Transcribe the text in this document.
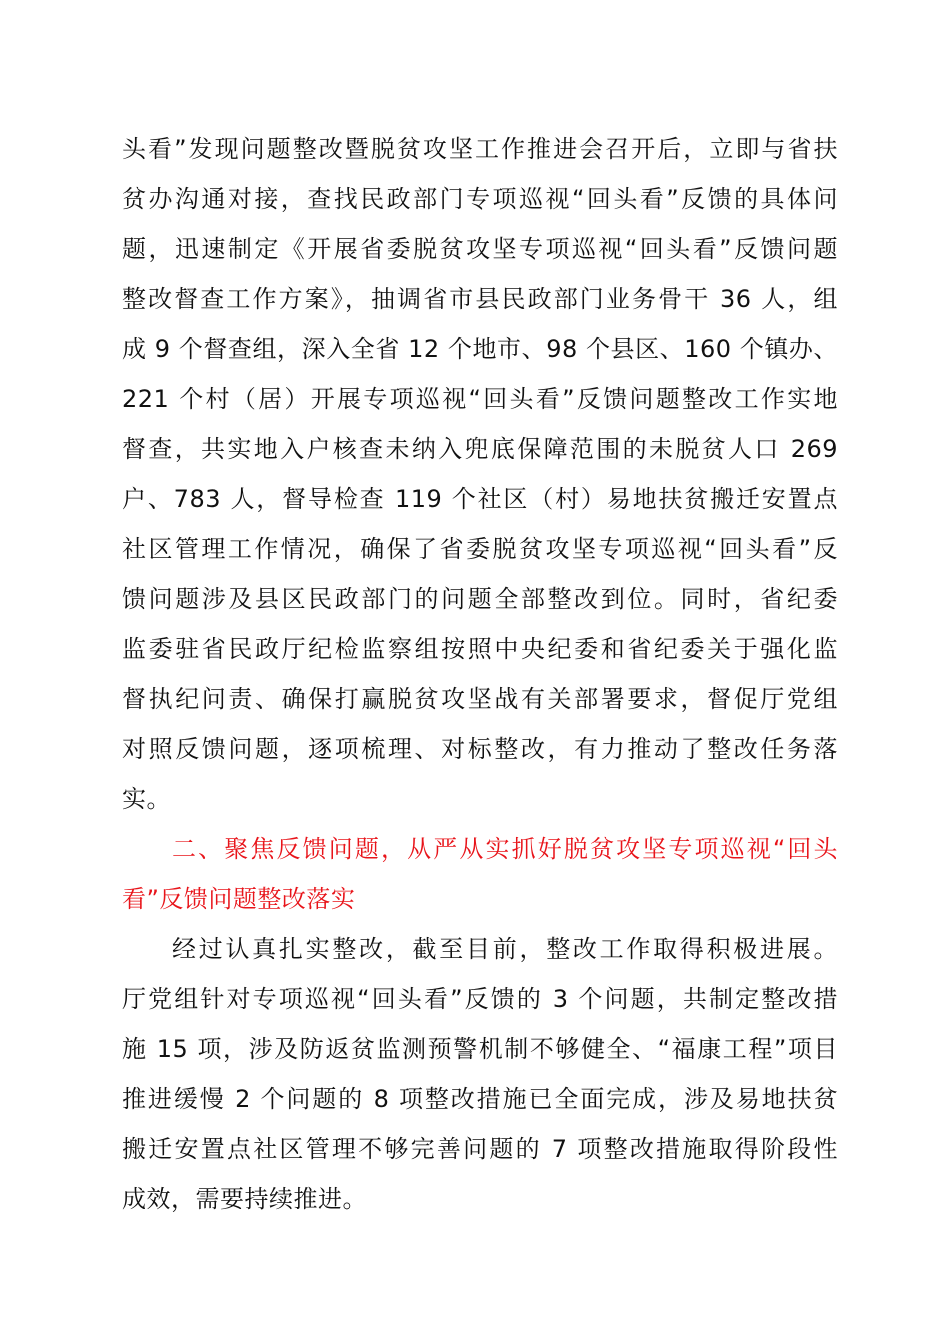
头看”发现问题整改暨脱贫攻坚工作推进会召开后，立即与省扶
贫办沟通对接，查找民政部门专项巡视“回头看”反馈的具体问
题，迅速制定《开展省委脱贫攻坚专项巡视“回头看”反馈问题
整改督查工作方案》，抽调省市县民政部门业务骨干 36 人，组
成 9 个督查组，深入全省 12 个地市、98 个县区、160 个镇办、
221 个村（居）开展专项巡视“回头看”反馈问题整改工作实地
督查，共实地入户核查未纳入兜底保障范围的未脱贫人口 269
户、783 人，督导检查 119 个社区（村）易地扶贫搬迁安置点
社区管理工作情况，确保了省委脱贫攻坚专项巡视“回头看”反
馈问题涉及县区民政部门的问题全部整改到位。同时，省纪委
监委驻省民政厅纪检监察组按照中央纪委和省纪委关于强化监
督执纪问责、确保打赢脱贫攻坚战有关部署要求，督促厅党组
对照反馈问题，逐项梳理、对标整改，有力推动了整改任务落
实。
二、聚焦反馈问题，从严从实抓好脱贫攻坚专项巡视“回头
看”反馈问题整改落实
经过认真扎实整改，截至目前，整改工作取得积极进展。
厅党组针对专项巡视“回头看”反馈的 3 个问题，共制定整改措
施 15 项，涉及防返贫监测预警机制不够健全、“福康工程”项目
推进缓慢 2 个问题的 8 项整改措施已全面完成，涉及易地扶贫
搬迁安置点社区管理不够完善问题的 7 项整改措施取得阶段性
成效，需要持续推进。
